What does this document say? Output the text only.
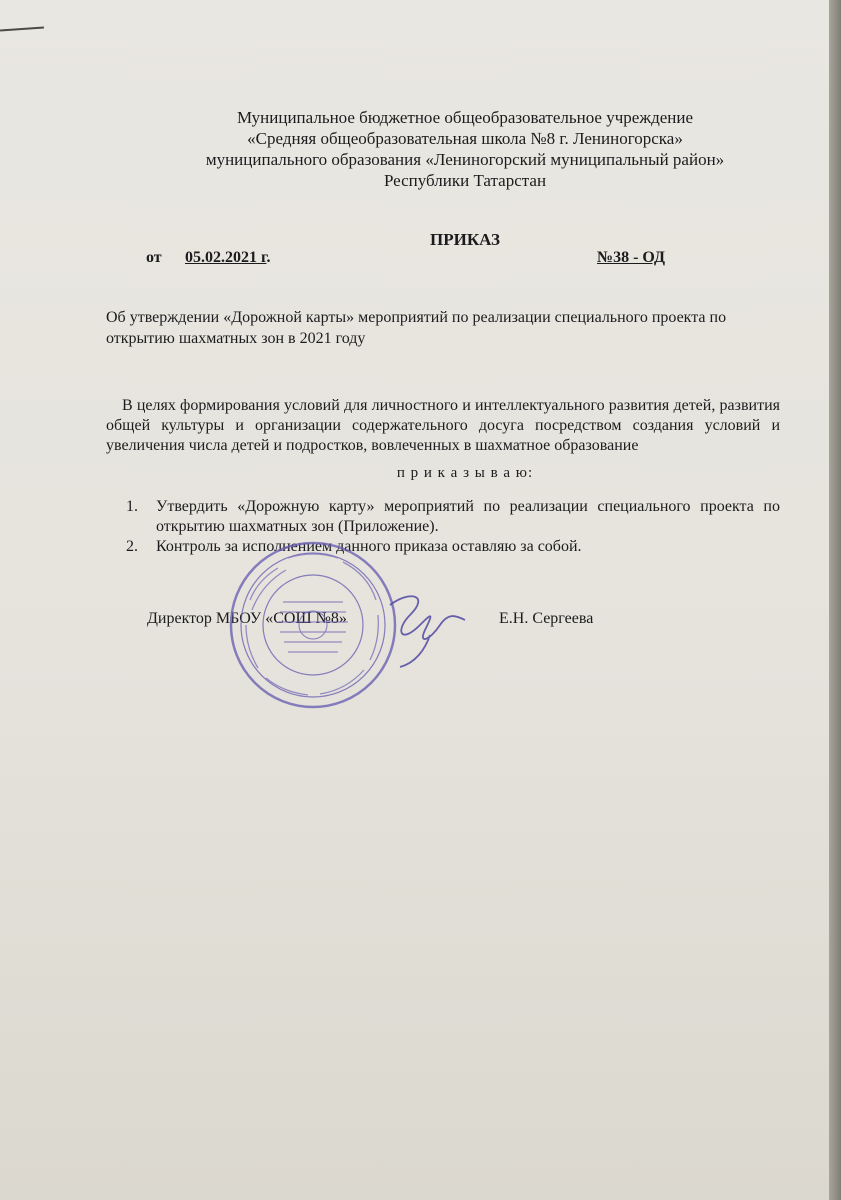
Муниципальное бюджетное общеобразовательное учреждение
«Средняя общеобразовательная школа №8 г. Лениногорска»
муниципального образования «Лениногорский муниципальный район»
Республики Татарстан
ПРИКАЗ
от 05.02.2021 г.	№38 - ОД
Об утверждении «Дорожной карты» мероприятий по реализации специального проекта по открытию шахматных зон в 2021 году
В целях формирования условий для личностного и интеллектуального развития детей, развития общей культуры и организации содержательного досуга посредством создания условий и увеличения числа детей и подростков, вовлеченных в шахматное образование
п р и к а з ы в а ю:
1. Утвердить «Дорожную карту» мероприятий по реализации специального проекта по открытию шахматных зон (Приложение).
2. Контроль за исполнением данного приказа оставляю за собой.
Директор МБОУ «СОШ №8»	Е.Н. Сергеева
